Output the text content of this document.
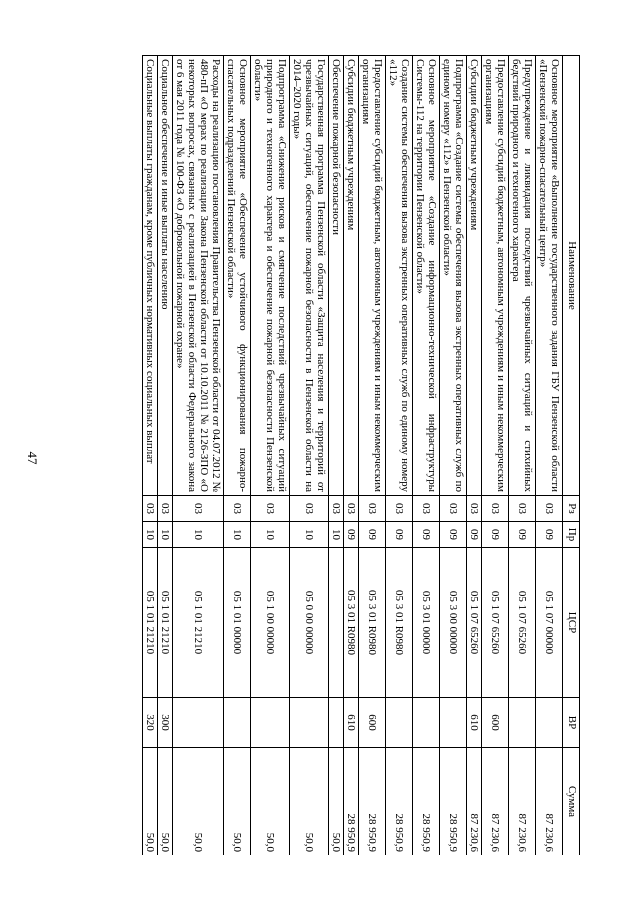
47
Наименование	Рз	Пр	ЦСР	ВР	Сумма
Основное мероприятие «Выполнение государственного задания ГБУ Пензенской области «Пензенский пожарно-спасательный центр»	03	09	05 1 07 00000		87 230,6
Предупреждение и ликвидация последствий чрезвычайных ситуаций и стихийных бедствий природного и техногенного характера	03	09	05 1 07 65260		87 230,6
Предоставление субсидий бюджетным, автономным учреждениям и иным некоммерческим организациям	03	09	05 1 07 65260	600	87 230,6
Субсидии бюджетным учреждениям	03	09	05 1 07 65260	610	87 230,6
Подпрограмма «Создание системы обеспечения вызова экстренных оперативных служб по единому номеру «112» в Пензенской области»	03	09	05 3 00 00000		28 950,9
Основное мероприятие «Создание информационно-технической инфраструктуры Системы-112 на территории Пензенской области»	03	09	05 3 01 00000		28 950,9
Создание системы обеспечения вызова экстренных оперативных служб по единому номеру «112»	03	09	05 3 01 R0980		28 950,9
Предоставление субсидий бюджетным, автономным учреждениям и иным некоммерческим организациям	03	09	05 3 01 R0980	600	28 950,9
Субсидии бюджетным учреждениям	03	09	05 3 01 R0980	610	28 950,9
Обеспечение пожарной безопасности	03	10			50,0
Государственная программа Пензенской области «Защита населения и территорий от чрезвычайных ситуаций, обеспечение пожарной безопасности в Пензенской области на 2014–2020 годы»	03	10	05 0 00 00000		50,0
Подпрограмма «Снижение рисков и смягчение последствий чрезвычайных ситуаций природного и техногенного характера и обеспечение пожарной безопасности Пензенской области»	03	10	05 1 00 00000		50,0
Основное мероприятие «Обеспечение устойчивого функционирования пожарно-спасательных подразделений Пензенской области»	03	10	05 1 01 00000		50,0
Расходы на реализацию постановления Правительства Пензенской области от 04.07.2012 № 480-пП «О мерах по реализации Закона Пензенской области от 10.10.2011 № 2126-ЗПО «О некоторых вопросах, связанных с реализацией в Пензенской области Федерального закона от 6 мая 2011 года № 100-ФЗ «О добровольной пожарной охране»	03	10	05 1 01 21210		50,0
Социальное обеспечение и иные выплаты населению	03	10	05 1 01 21210	300	50,0
Социальные выплаты гражданам, кроме публичных нормативных социальных выплат	03	10	05 1 01 21210	320	50,0
